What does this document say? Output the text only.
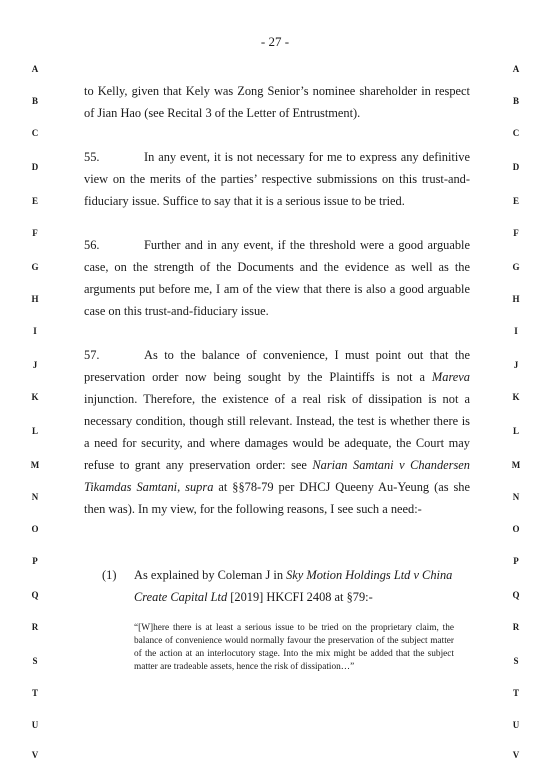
- 27 -
A
B
C
D
E
F
G
H
I
J
K
L
M
N
O
P
Q
R
S
T
U
V
A
B
C
D
E
F
G
H
I
J
K
L
M
N
O
P
Q
R
S
T
U
V
to Kelly, given that Kely was Zong Senior’s nominee shareholder in respect of Jian Hao (see Recital 3 of the Letter of Entrustment).
55.	In any event, it is not necessary for me to express any definitive view on the merits of the parties’ respective submissions on this trust-and-fiduciary issue. Suffice to say that it is a serious issue to be tried.
56.	Further and in any event, if the threshold were a good arguable case, on the strength of the Documents and the evidence as well as the arguments put before me, I am of the view that there is also a good arguable case on this trust-and-fiduciary issue.
57.	As to the balance of convenience, I must point out that the preservation order now being sought by the Plaintiffs is not a Mareva injunction. Therefore, the existence of a real risk of dissipation is not a necessary condition, though still relevant. Instead, the test is whether there is a need for security, and where damages would be adequate, the Court may refuse to grant any preservation order: see Narian Samtani v Chandersen Tikamdas Samtani, supra at §§78-79 per DHCJ Queeny Au-Yeung (as she then was). In my view, for the following reasons, I see such a need:-
(1) As explained by Coleman J in Sky Motion Holdings Ltd v China Create Capital Ltd [2019] HKCFI 2408 at §79:-
“[W]here there is at least a serious issue to be tried on the proprietary claim, the balance of convenience would normally favour the preservation of the subject matter of the action at an interlocutory stage. Into the mix might be added that the subject matter are tradeable assets, hence the risk of dissipation…”
